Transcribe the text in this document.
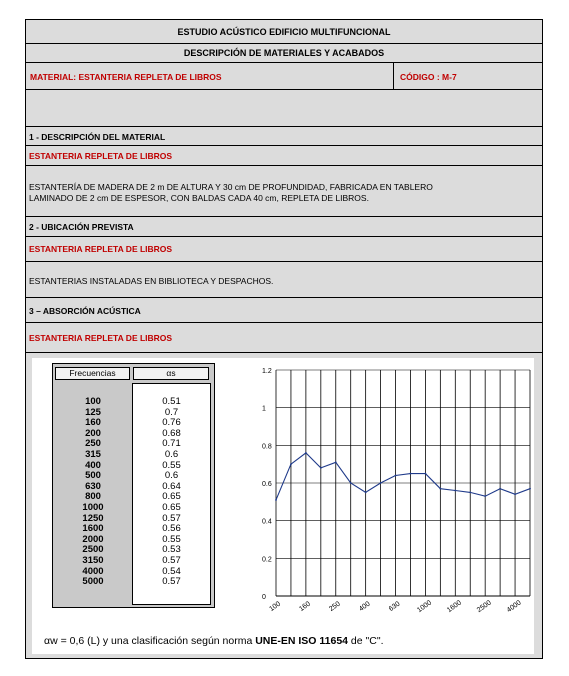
ESTUDIO ACÚSTICO EDIFICIO MULTIFUNCIONAL
DESCRIPCIÓN DE MATERIALES Y ACABADOS
MATERIAL: ESTANTERIA REPLETA DE LIBROS	CÓDIGO : M-7
1 - DESCRIPCIÓN DEL MATERIAL
ESTANTERIA REPLETA DE LIBROS
ESTANTERÍA DE MADERA DE 2 m DE ALTURA Y 30 cm DE PROFUNDIDAD, FABRICADA EN TABLERO
LAMINADO DE 2 cm DE ESPESOR, CON BALDAS CADA 40 cm, REPLETA DE LIBROS.
2 - UBICACIÓN PREVISTA
ESTANTERIA REPLETA DE LIBROS
ESTANTERIAS INSTALADAS EN BIBLIOTECA Y DESPACHOS.
3 – ABSORCIÓN ACÚSTICA
ESTANTERIA REPLETA DE LIBROS
Frecuencias	αs
100
125
160
200
250
315
400
500
630
800
1000
1250
1600
2000
2500
3150
4000
5000
0.51
0.7
0.76
0.68
0.71
0.6
0.55
0.6
0.64
0.65
0.65
0.57
0.56
0.55
0.53
0.57
0.54
0.57
0
0.2
0.4
0.6
0.8
1
1.2
100 160 250 400 630 1000 1600 2500 4000
αw = 0,6 (L) y una clasificación según norma UNE-EN ISO 11654 de "C".
